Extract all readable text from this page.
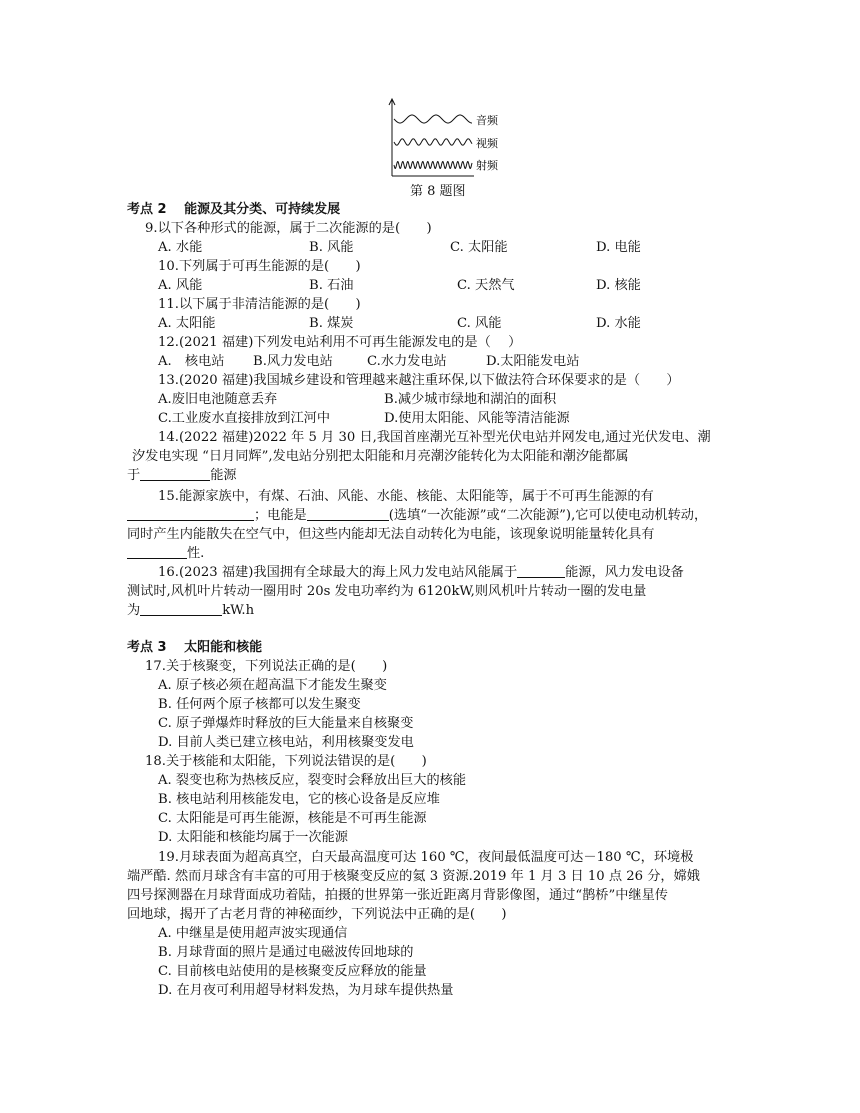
音频
视频
射频
第 8 题图
考点 2　 能源及其分类、可持续发展
9.以下各种形式的能源，属于二次能源的是(　　)
A. 水能	B. 风能	C. 太阳能	D. 电能
10.下列属于可再生能源的是(　　)
A. 风能	B. 石油	C. 天然气	D. 核能
11.以下属于非清洁能源的是(　　)
A. 太阳能	B. 煤炭	C. 风能	D. 水能
12.(2021 福建)下列发电站利用不可再生能源发电的是（　 ）
A.　核电站 B.风力发电站	C.水力发电站	D.太阳能发电站
13.(2020 福建)我国城乡建设和管理越来越注重环保,以下做法符合环保要求的是（　　）
A.废旧电池随意丢弃	B.减少城市绿地和湖泊的面积
C.工业废水直接排放到江河中	D.使用太阳能、风能等清洁能源
14.(2022 福建)2022 年 5 月 30 日,我国首座潮光互补型光伏电站并网发电,通过光伏发电、潮
汐发电实现 “日月同辉”,发电站分别把太阳能和月亮潮汐能转化为太阳能和潮汐能都属
于	能源
15.能源家族中，有煤、石油、风能、水能、核能、太阳能等，属于不可再生能源的有
；电能是	(选填“一次能源”或“二次能源”),它可以使电动机转动，
同时产生内能散失在空气中，但这些内能却无法自动转化为电能，该现象说明能量转化具有
性.
16.(2023 福建)我国拥有全球最大的海上风力发电站风能属于	能源，风力发电设备
测试时,风机叶片转动一圈用时 20s 发电功率约为 6120kW,则风机叶片转动一圈的发电量
为	kW.h
考点 3　 太阳能和核能
17.关于核聚变，下列说法正确的是(　　)
A. 原子核必须在超高温下才能发生聚变
B. 任何两个原子核都可以发生聚变
C. 原子弹爆炸时释放的巨大能量来自核聚变
D. 目前人类已建立核电站，利用核聚变发电
18.关于核能和太阳能，下列说法错误的是(　　)
A. 裂变也称为热核反应，裂变时会释放出巨大的核能
B. 核电站利用核能发电，它的核心设备是反应堆
C. 太阳能是可再生能源，核能是不可再生能源
D. 太阳能和核能均属于一次能源
19.月球表面为超高真空，白天最高温度可达 160 ℃，夜间最低温度可达－180 ℃，环境极
端严酷. 然而月球含有丰富的可用于核聚变反应的氦 3 资源.2019 年 1 月 3 日 10 点 26 分，嫦娥
四号探测器在月球背面成功着陆，拍摄的世界第一张近距离月背影像图，通过“鹊桥”中继星传
回地球，揭开了古老月背的神秘面纱，下列说法中正确的是(　　)
A. 中继星是使用超声波实现通信
B. 月球背面的照片是通过电磁波传回地球的
C. 目前核电站使用的是核聚变反应释放的能量
D. 在月夜可利用超导材料发热，为月球车提供热量
